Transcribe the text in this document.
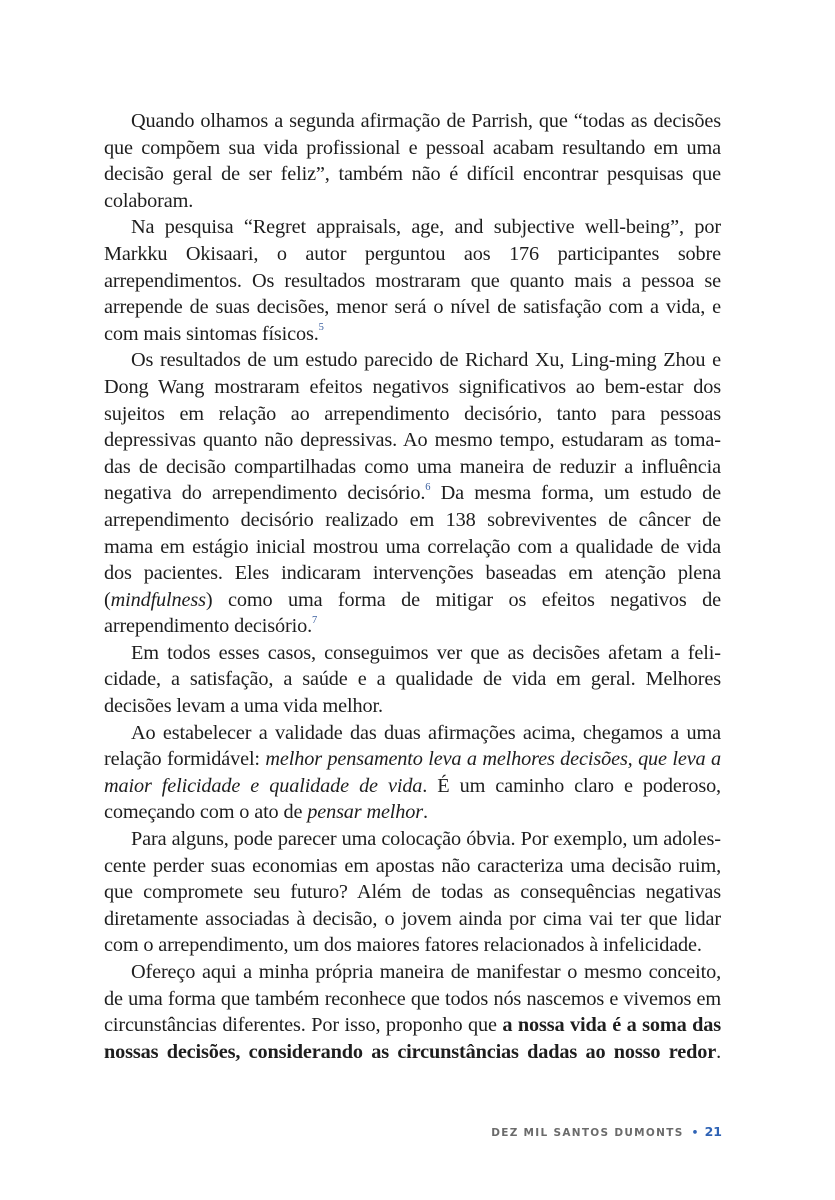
Quando olhamos a segunda afirmação de Parrish, que “todas as decisões que compõem sua vida profissional e pessoal acabam resultando em uma decisão geral de ser feliz”, também não é difícil encontrar pesquisas que colaboram.

Na pesquisa “Regret appraisals, age, and subjective well-being”, por Markku Okisaari, o autor perguntou aos 176 participantes sobre arrependimentos. Os resultados mostraram que quanto mais a pessoa se arrepende de suas decisões, menor será o nível de satisfação com a vida, e com mais sintomas físicos.$^5$

Os resultados de um estudo parecido de Richard Xu, Ling-ming Zhou e Dong Wang mostraram efeitos negativos significativos ao bem-estar dos sujeitos em relação ao arrependimento decisório, tanto para pessoas depressivas quanto não depressivas. Ao mesmo tempo, estudaram as tomadas de decisão compartilhadas como uma maneira de reduzir a influência negativa do arrependimento decisório.$^6$ Da mesma forma, um estudo de arrependimento decisório realizado em 138 sobreviventes de câncer de mama em estágio inicial mostrou uma correlação com a qualidade de vida dos pacientes. Eles indicaram intervenções baseadas em atenção plena (mindfulness) como uma forma de mitigar os efeitos negativos de arrependimento decisório.$^7$

Em todos esses casos, conseguimos ver que as decisões afetam a felicidade, a satisfação, a saúde e a qualidade de vida em geral. Melhores decisões levam a uma vida melhor.

Ao estabelecer a validade das duas afirmações acima, chegamos a uma relação formidável: melhor pensamento leva a melhores decisões, que leva a maior felicidade e qualidade de vida. É um caminho claro e poderoso, começando com o ato de pensar melhor.

Para alguns, pode parecer uma colocação óbvia. Por exemplo, um adolescente perder suas economias em apostas não caracteriza uma decisão ruim, que compromete seu futuro? Além de todas as consequências negativas diretamente associadas à decisão, o jovem ainda por cima vai ter que lidar com o arrependimento, um dos maiores fatores relacionados à infelicidade.

Ofereço aqui a minha própria maneira de manifestar o mesmo conceito, de uma forma que também reconhece que todos nós nascemos e vivemos em circunstâncias diferentes. Por isso, proponho que a nossa vida é a soma das nossas decisões, considerando as circunstâncias dadas ao nosso redor.

DEZ MIL SANTOS DUMONTS • 21
